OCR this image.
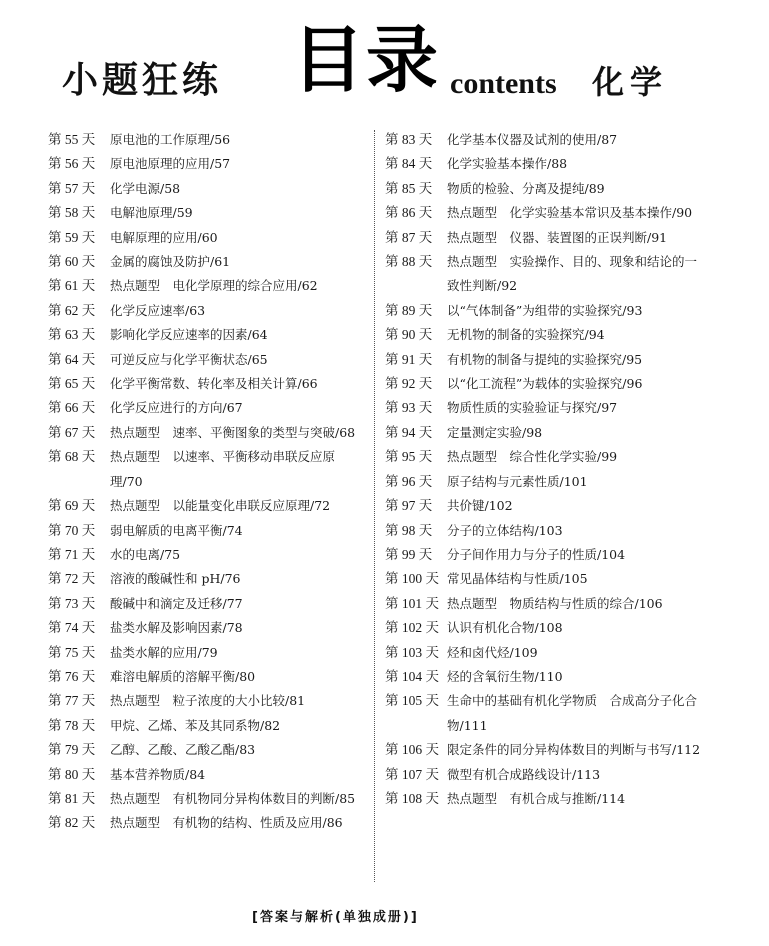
小题狂练 目录 contents 化学
第 55 天	原电池的工作原理/56
第 56 天	原电池原理的应用/57
第 57 天	化学电源/58
第 58 天	电解池原理/59
第 59 天	电解原理的应用/60
第 60 天	金属的腐蚀及防护/61
第 61 天	热点题型　电化学原理的综合应用/62
第 62 天	化学反应速率/63
第 63 天	影响化学反应速率的因素/64
第 64 天	可逆反应与化学平衡状态/65
第 65 天	化学平衡常数、转化率及相关计算/66
第 66 天	化学反应进行的方向/67
第 67 天	热点题型　速率、平衡图象的类型与突破/68
第 68 天	热点题型　以速率、平衡移动串联反应原理/70
第 69 天	热点题型　以能量变化串联反应原理/72
第 70 天	弱电解质的电离平衡/74
第 71 天	水的电离/75
第 72 天	溶液的酸碱性和 pH/76
第 73 天	酸碱中和滴定及迁移/77
第 74 天	盐类水解及影响因素/78
第 75 天	盐类水解的应用/79
第 76 天	难溶电解质的溶解平衡/80
第 77 天	热点题型　粒子浓度的大小比较/81
第 78 天	甲烷、乙烯、苯及其同系物/82
第 79 天	乙醇、乙酸、乙酸乙酯/83
第 80 天	基本营养物质/84
第 81 天	热点题型　有机物同分异构体数目的判断/85
第 82 天	热点题型　有机物的结构、性质及应用/86
第 83 天	化学基本仪器及试剂的使用/87
第 84 天	化学实验基本操作/88
第 85 天	物质的检验、分离及提纯/89
第 86 天	热点题型　化学实验基本常识及基本操作/90
第 87 天	热点题型　仪器、装置图的正误判断/91
第 88 天	热点题型　实验操作、目的、现象和结论的一致性判断/92
第 89 天	以“气体制备”为组带的实验探究/93
第 90 天	无机物的制备的实验探究/94
第 91 天	有机物的制备与提纯的实验探究/95
第 92 天	以“化工流程”为载体的实验探究/96
第 93 天	物质性质的实验验证与探究/97
第 94 天	定量测定实验/98
第 95 天	热点题型　综合性化学实验/99
第 96 天	原子结构与元素性质/101
第 97 天	共价键/102
第 98 天	分子的立体结构/103
第 99 天	分子间作用力与分子的性质/104
第 100 天 常见晶体结构与性质/105
第 101 天 热点题型　物质结构与性质的综合/106
第 102 天 认识有机化合物/108
第 103 天 烃和卤代烃/109
第 104 天 烃的含氧衍生物/110
第 105 天 生命中的基础有机化学物质　合成高分子化合物/111
第 106 天 限定条件的同分异构体数目的判断与书写/112
第 107 天 微型有机合成路线设计/113
第 108 天 热点题型　有机合成与推断/114
[答案与解析(单独成册)]
